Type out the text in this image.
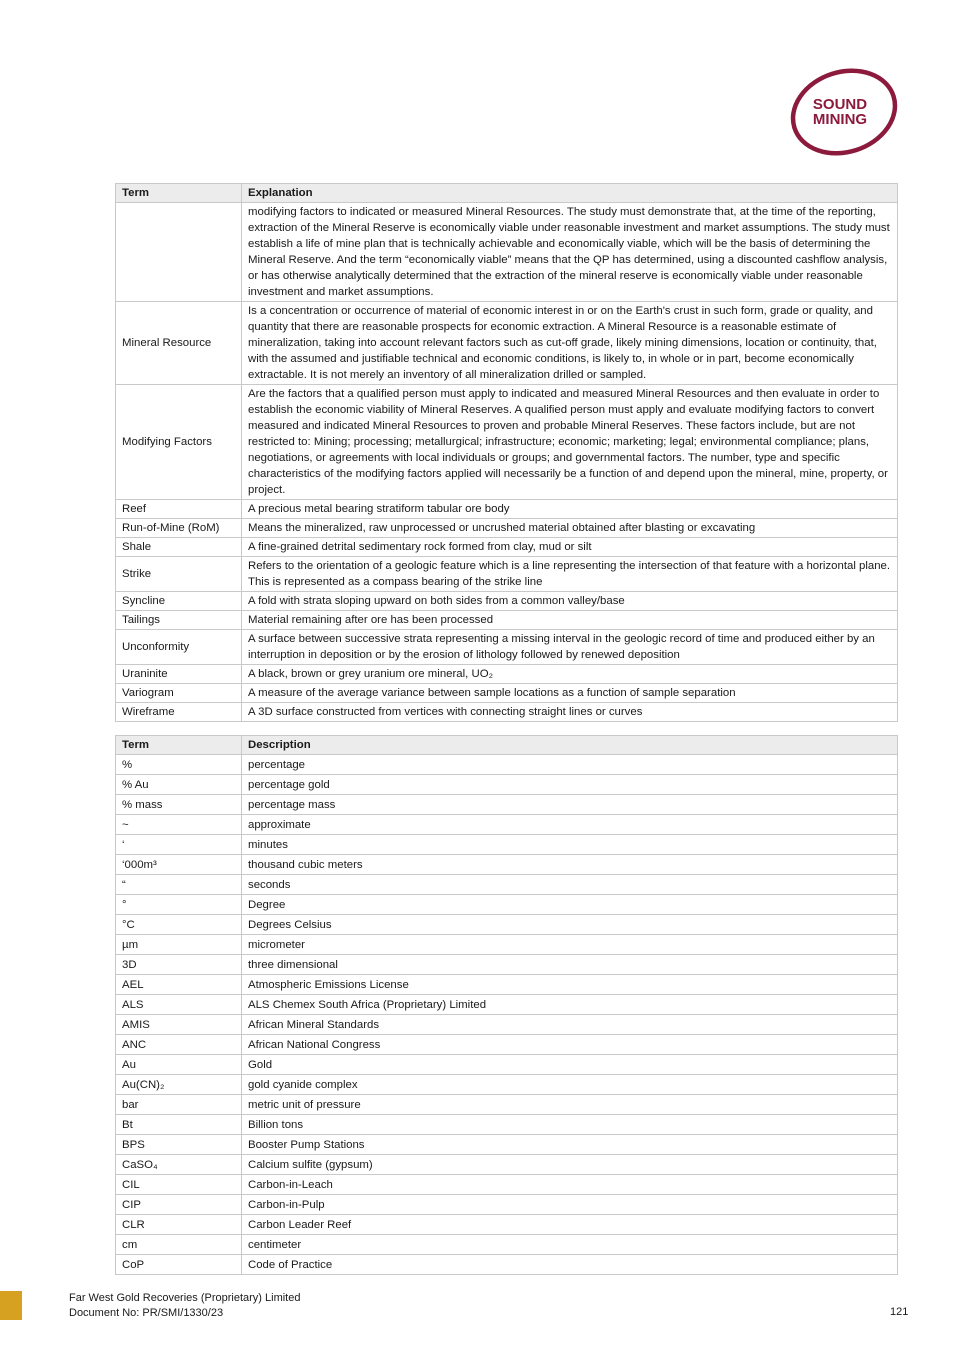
SOUND
MINING
Term	Explanation
	modifying factors to indicated or measured Mineral Resources. The study must demonstrate that, at the time of the reporting, extraction of the Mineral Reserve is economically viable under reasonable investment and market assumptions. The study must establish a life of mine plan that is technically achievable and economically viable, which will be the basis of determining the Mineral Reserve. And the term “economically viable” means that the QP has determined, using a discounted cashflow analysis, or has otherwise analytically determined that the extraction of the mineral reserve is economically viable under reasonable investment and market assumptions.
Mineral Resource	Is a concentration or occurrence of material of economic interest in or on the Earth's crust in such form, grade or quality, and quantity that there are reasonable prospects for economic extraction. A Mineral Resource is a reasonable estimate of mineralization, taking into account relevant factors such as cut-off grade, likely mining dimensions, location or continuity, that, with the assumed and justifiable technical and economic conditions, is likely to, in whole or in part, become economically extractable. It is not merely an inventory of all mineralization drilled or sampled.
Modifying Factors	Are the factors that a qualified person must apply to indicated and measured Mineral Resources and then evaluate in order to establish the economic viability of Mineral Reserves. A qualified person must apply and evaluate modifying factors to convert measured and indicated Mineral Resources to proven and probable Mineral Reserves. These factors include, but are not restricted to: Mining; processing; metallurgical; infrastructure; economic; marketing; legal; environmental compliance; plans, negotiations, or agreements with local individuals or groups; and governmental factors. The number, type and specific characteristics of the modifying factors applied will necessarily be a function of and depend upon the mineral, mine, property, or project.
Reef	A precious metal bearing stratiform tabular ore body
Run-of-Mine (RoM)	Means the mineralized, raw unprocessed or uncrushed material obtained after blasting or excavating
Shale	A fine-grained detrital sedimentary rock formed from clay, mud or silt
Strike	Refers to the orientation of a geologic feature which is a line representing the intersection of that feature with a horizontal plane. This is represented as a compass bearing of the strike line
Syncline	A fold with strata sloping upward on both sides from a common valley/base
Tailings	Material remaining after ore has been processed
Unconformity	A surface between successive strata representing a missing interval in the geologic record of time and produced either by an interruption in deposition or by the erosion of lithology followed by renewed deposition
Uraninite	A black, brown or grey uranium ore mineral, UO₂
Variogram	A measure of the average variance between sample locations as a function of sample separation
Wireframe	A 3D surface constructed from vertices with connecting straight lines or curves
Term	Description
%	percentage
% Au	percentage gold
% mass	percentage mass
~	approximate
‘	minutes
‘000m³	thousand cubic meters
“	seconds
°	Degree
°C	Degrees Celsius
µm	micrometer
3D	three dimensional
AEL	Atmospheric Emissions License
ALS	ALS Chemex South Africa (Proprietary) Limited
AMIS	African Mineral Standards
ANC	African National Congress
Au	Gold
Au(CN)₂	gold cyanide complex
bar	metric unit of pressure
Bt	Billion tons
BPS	Booster Pump Stations
CaSO₄	Calcium sulfite (gypsum)
CIL	Carbon-in-Leach
CIP	Carbon-in-Pulp
CLR	Carbon Leader Reef
cm	centimeter
CoP	Code of Practice
Far West Gold Recoveries (Proprietary) Limited
Document No: PR/SMI/1330/23	121
